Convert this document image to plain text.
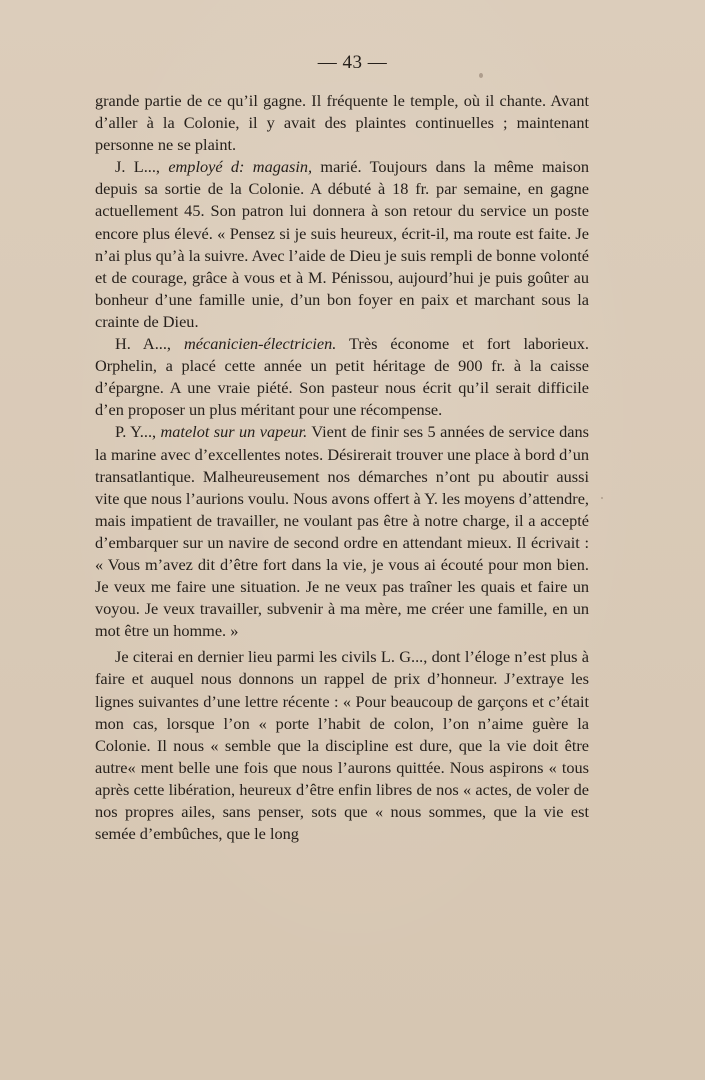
— 43 —

grande partie de ce qu’il gagne. Il fréquente le temple, où il chante. Avant d’aller à la Colonie, il y avait des plaintes continuelles ; maintenant personne ne se plaint.

J. L..., employé d: magasin, marié. Toujours dans la même maison depuis sa sortie de la Colonie. A débuté à 18 fr. par semaine, en gagne actuellement 45. Son patron lui donnera à son retour du service un poste encore plus élevé. « Pensez si je suis heureux, écrit-il, ma route est faite. Je n’ai plus qu’à la suivre. Avec l’aide de Dieu je suis rempli de bonne volonté et de courage, grâce à vous et à M. Pénissou, aujourd’hui je puis goûter au bonheur d’une famille unie, d’un bon foyer en paix et marchant sous la crainte de Dieu.

H. A..., mécanicien-électricien. Très économe et fort laborieux. Orphelin, a placé cette année un petit héritage de 900 fr. à la caisse d’épargne. A une vraie piété. Son pasteur nous écrit qu’il serait difficile d’en proposer un plus méritant pour une récompense.

P. Y..., matelot sur un vapeur. Vient de finir ses 5 années de service dans la marine avec d’excellentes notes. Désirerait trouver une place à bord d’un transatlantique. Malheureusement nos démarches n’ont pu aboutir aussi vite que nous l’aurions voulu. Nous avons offert à Y. les moyens d’attendre, mais impatient de travailler, ne voulant pas être à notre charge, il a accepté d’embarquer sur un navire de second ordre en attendant mieux. Il écrivait : « Vous m’avez dit d’être fort dans la vie, je vous ai écouté pour mon bien. Je veux me faire une situation. Je ne veux pas traîner les quais et faire un voyou. Je veux travailler, subvenir à ma mère, me créer une famille, en un mot être un homme. »

Je citerai en dernier lieu parmi les civils L. G..., dont l’éloge n’est plus à faire et auquel nous donnons un rappel de prix d’honneur. J’extraye les lignes suivantes d’une lettre récente : « Pour beaucoup de garçons et c’était mon cas, lorsque l’on « porte l’habit de colon, l’on n’aime guère la Colonie. Il nous « semble que la discipline est dure, que la vie doit être autre« ment belle une fois que nous l’aurons quittée. Nous aspirons « tous après cette libération, heureux d’être enfin libres de nos « actes, de voler de nos propres ailes, sans penser, sots que « nous sommes, que la vie est semée d’embûches, que le long
